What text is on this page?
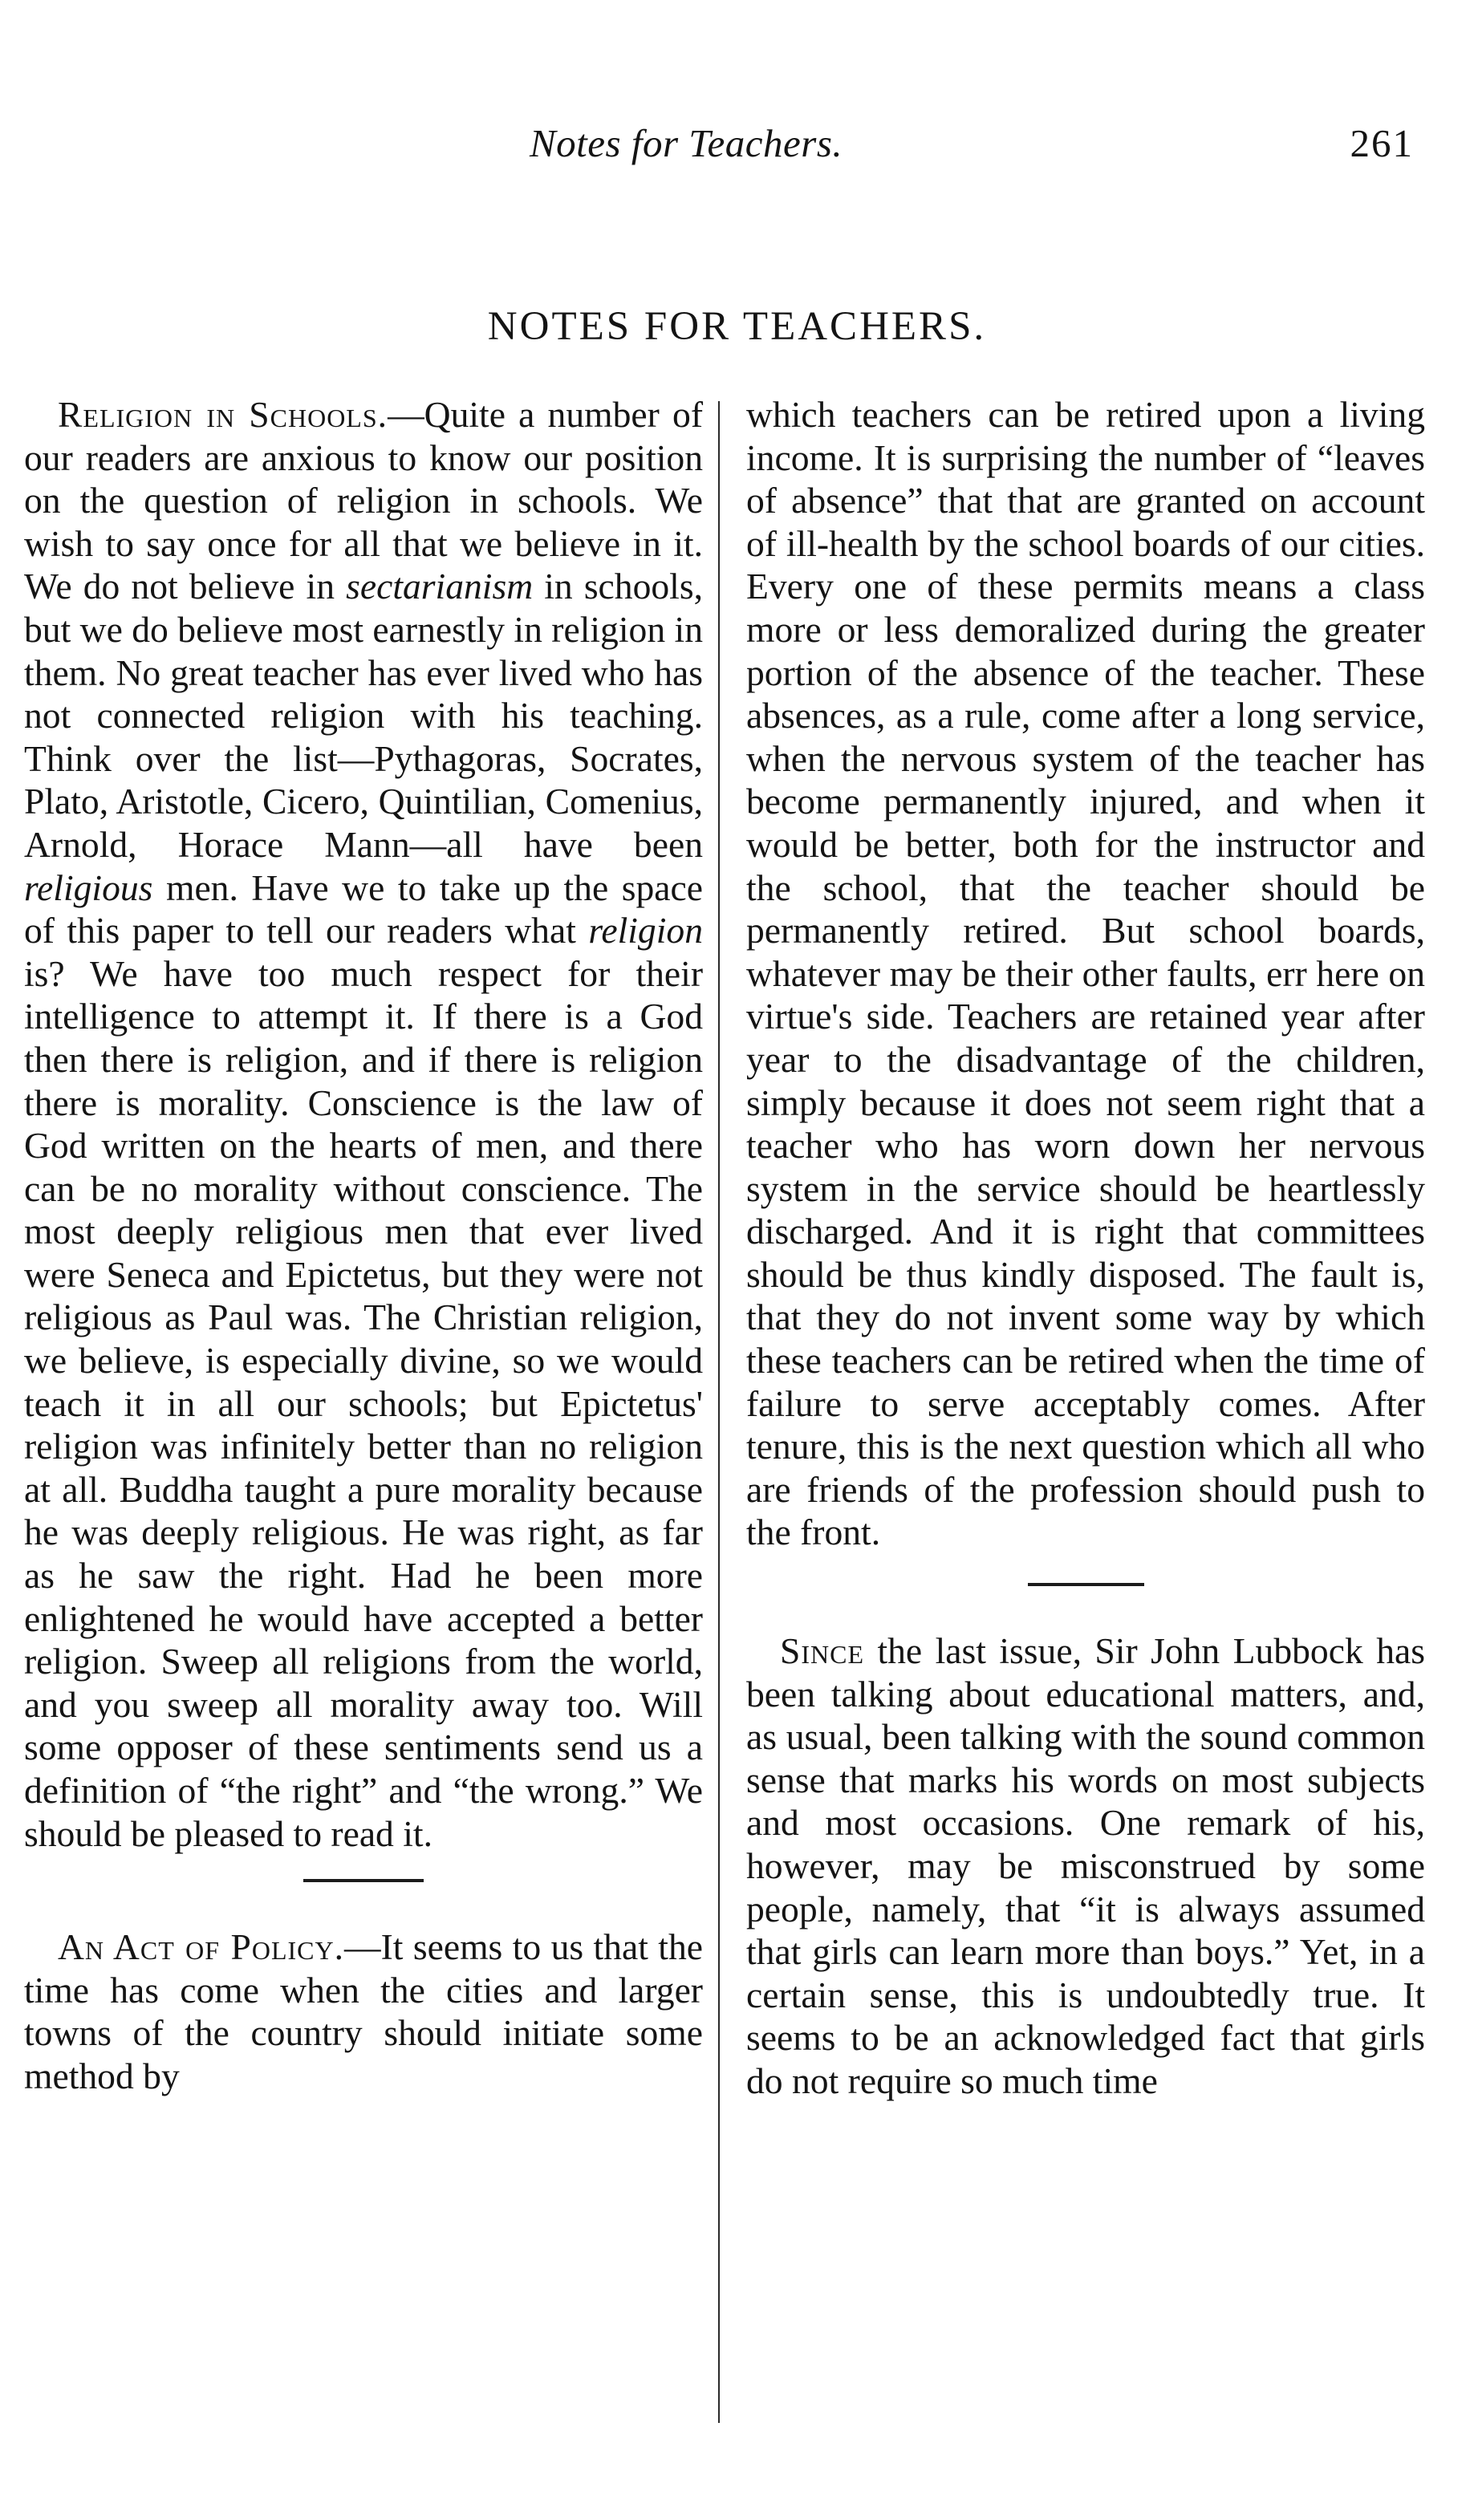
Notes for Teachers.	261
NOTES FOR TEACHERS.

Religion in Schools.—Quite a number of our readers are anxious to know our position on the question of religion in schools. We wish to say once for all that we believe in it. We do not believe in sectarianism in schools, but we do believe most earnestly in religion in them. No great teacher has ever lived who has not connected religion with his teaching. Think over the list—Pythagoras, Socrates, Plato, Aristotle, Cicero, Quintilian, Comenius, Arnold, Horace Mann—all have been religious men. Have we to take up the space of this paper to tell our readers what religion is? We have too much respect for their intelligence to attempt it. If there is a God then there is religion, and if there is religion there is morality. Conscience is the law of God written on the hearts of men, and there can be no morality without conscience. The most deeply religious men that ever lived were Seneca and Epictetus, but they were not religious as Paul was. The Christian religion, we believe, is especially divine, so we would teach it in all our schools; but Epictetus' religion was infinitely better than no religion at all. Buddha taught a pure morality because he was deeply religious. He was right, as far as he saw the right. Had he been more enlightened he would have accepted a better religion. Sweep all religions from the world, and you sweep all morality away too. Will some opposer of these sentiments send us a definition of “the right” and “the wrong.” We should be pleased to read it.

An Act of Policy.—It seems to us that the time has come when the cities and larger towns of the country should initiate some method by

which teachers can be retired upon a living income. It is surprising the number of “leaves of absence” that that are granted on account of ill-health by the school boards of our cities. Every one of these permits means a class more or less demoralized during the greater portion of the absence of the teacher. These absences, as a rule, come after a long service, when the nervous system of the teacher has become permanently injured, and when it would be better, both for the instructor and the school, that the teacher should be permanently retired. But school boards, whatever may be their other faults, err here on virtue's side. Teachers are retained year after year to the disadvantage of the children, simply because it does not seem right that a teacher who has worn down her nervous system in the service should be heartlessly discharged. And it is right that committees should be thus kindly disposed. The fault is, that they do not invent some way by which these teachers can be retired when the time of failure to serve acceptably comes. After tenure, this is the next question which all who are friends of the profession should push to the front.

Since the last issue, Sir John Lubbock has been talking about educational matters, and, as usual, been talking with the sound common sense that marks his words on most subjects and most occasions. One remark of his, however, may be misconstrued by some people, namely, that “it is always assumed that girls can learn more than boys.” Yet, in a certain sense, this is undoubtedly true. It seems to be an acknowledged fact that girls do not require so much time
